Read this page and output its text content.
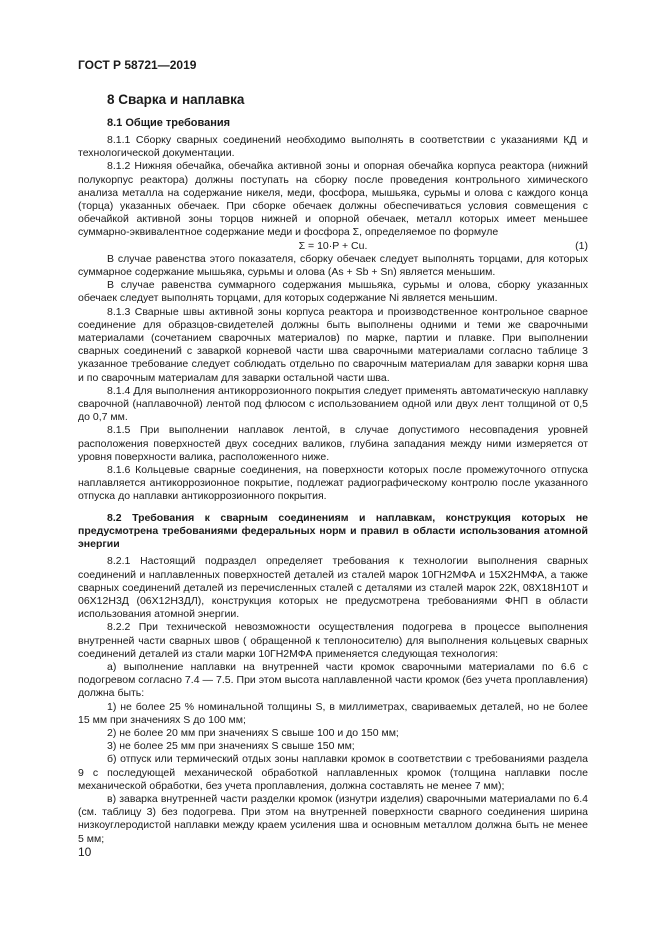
ГОСТ Р 58721—2019
8 Сварка и наплавка
8.1 Общие требования

8.1.1 Сборку сварных соединений необходимо выполнять в соответствии с указаниями КД и технологической документации.

8.1.2 Нижняя обечайка, обечайка активной зоны и опорная обечайка корпуса реактора (нижний полукорпус реактора) должны поступать на сборку после проведения контрольного химического анализа металла на содержание никеля, меди, фосфора, мышьяка, сурьмы и олова с каждого конца (торца) указанных обечаек. При сборке обечаек должны обеспечиваться условия совмещения с обечайкой активной зоны торцов нижней и опорной обечаек, металл которых имеет меньшее суммарно-эквивалентное содержание меди и фосфора Σ, определяемое по формуле

Σ = 10·P + Cu.	(1)

В случае равенства этого показателя, сборку обечаек следует выполнять торцами, для которых суммарное содержание мышьяка, сурьмы и олова (As + Sb + Sn) является меньшим.

В случае равенства суммарного содержания мышьяка, сурьмы и олова, сборку указанных обечаек следует выполнять торцами, для которых содержание Ni является меньшим.

8.1.3 Сварные швы активной зоны корпуса реактора и производственное контрольное сварное соединение для образцов-свидетелей должны быть выполнены одними и теми же сварочными материалами (сочетанием сварочных материалов) по марке, партии и плавке. При выполнении сварных соединений с заваркой корневой части шва сварочными материалами согласно таблице 3 указанное требование следует соблюдать отдельно по сварочным материалам для заварки корня шва и по сварочным материалам для заварки остальной части шва.

8.1.4 Для выполнения антикоррозионного покрытия следует применять автоматическую наплавку сварочной (наплавочной) лентой под флюсом с использованием одной или двух лент толщиной от 0,5 до 0,7 мм.

8.1.5 При выполнении наплавок лентой, в случае допустимого несовпадения уровней расположения поверхностей двух соседних валиков, глубина западания между ними измеряется от уровня поверхности валика, расположенного ниже.

8.1.6 Кольцевые сварные соединения, на поверхности которых после промежуточного отпуска наплавляется антикоррозионное покрытие, подлежат радиографическому контролю после указанного отпуска до наплавки антикоррозионного покрытия.

8.2 Требования к сварным соединениям и наплавкам, конструкция которых не предусмотрена требованиями федеральных норм и правил в области использования атомной энергии

8.2.1 Настоящий подраздел определяет требования к технологии выполнения сварных соединений и наплавленных поверхностей деталей из сталей марок 10ГН2МФА и 15Х2НМФА, а также сварных соединений деталей из перечисленных сталей с деталями из сталей марок 22К, 08Х18Н10Т и 06Х12Н3Д (06Х12Н3ДЛ), конструкция которых не предусмотрена требованиями ФНП в области использования атомной энергии.

8.2.2 При технической невозможности осуществления подогрева в процессе выполнения внутренней части сварных швов ( обращенной к теплоносителю) для выполнения кольцевых сварных соединений деталей из стали марки 10ГН2МФА применяется следующая технология:

а) выполнение наплавки на внутренней части кромок сварочными материалами по 6.6 с подогревом согласно 7.4 — 7.5. При этом высота наплавленной части кромок (без учета проплавления) должна быть:

1) не более 25 % номинальной толщины S, в миллиметрах, свариваемых деталей, но не более 15 мм при значениях S до 100 мм;

2) не более 20 мм при значениях S свыше 100 и до 150 мм;

3) не более 25 мм при значениях S свыше 150 мм;

б) отпуск или термический отдых зоны наплавки кромок в соответствии с требованиями раздела 9 с последующей механической обработкой наплавленных кромок (толщина наплавки после механической обработки, без учета проплавления, должна составлять не менее 7 мм);

в) заварка внутренней части разделки кромок (изнутри изделия) сварочными материалами по 6.4 (см. таблицу 3) без подогрева. При этом на внутренней поверхности сварного соединения ширина низкоуглеродистой наплавки между краем усиления шва и основным металлом должна быть не менее 5 мм;

10
